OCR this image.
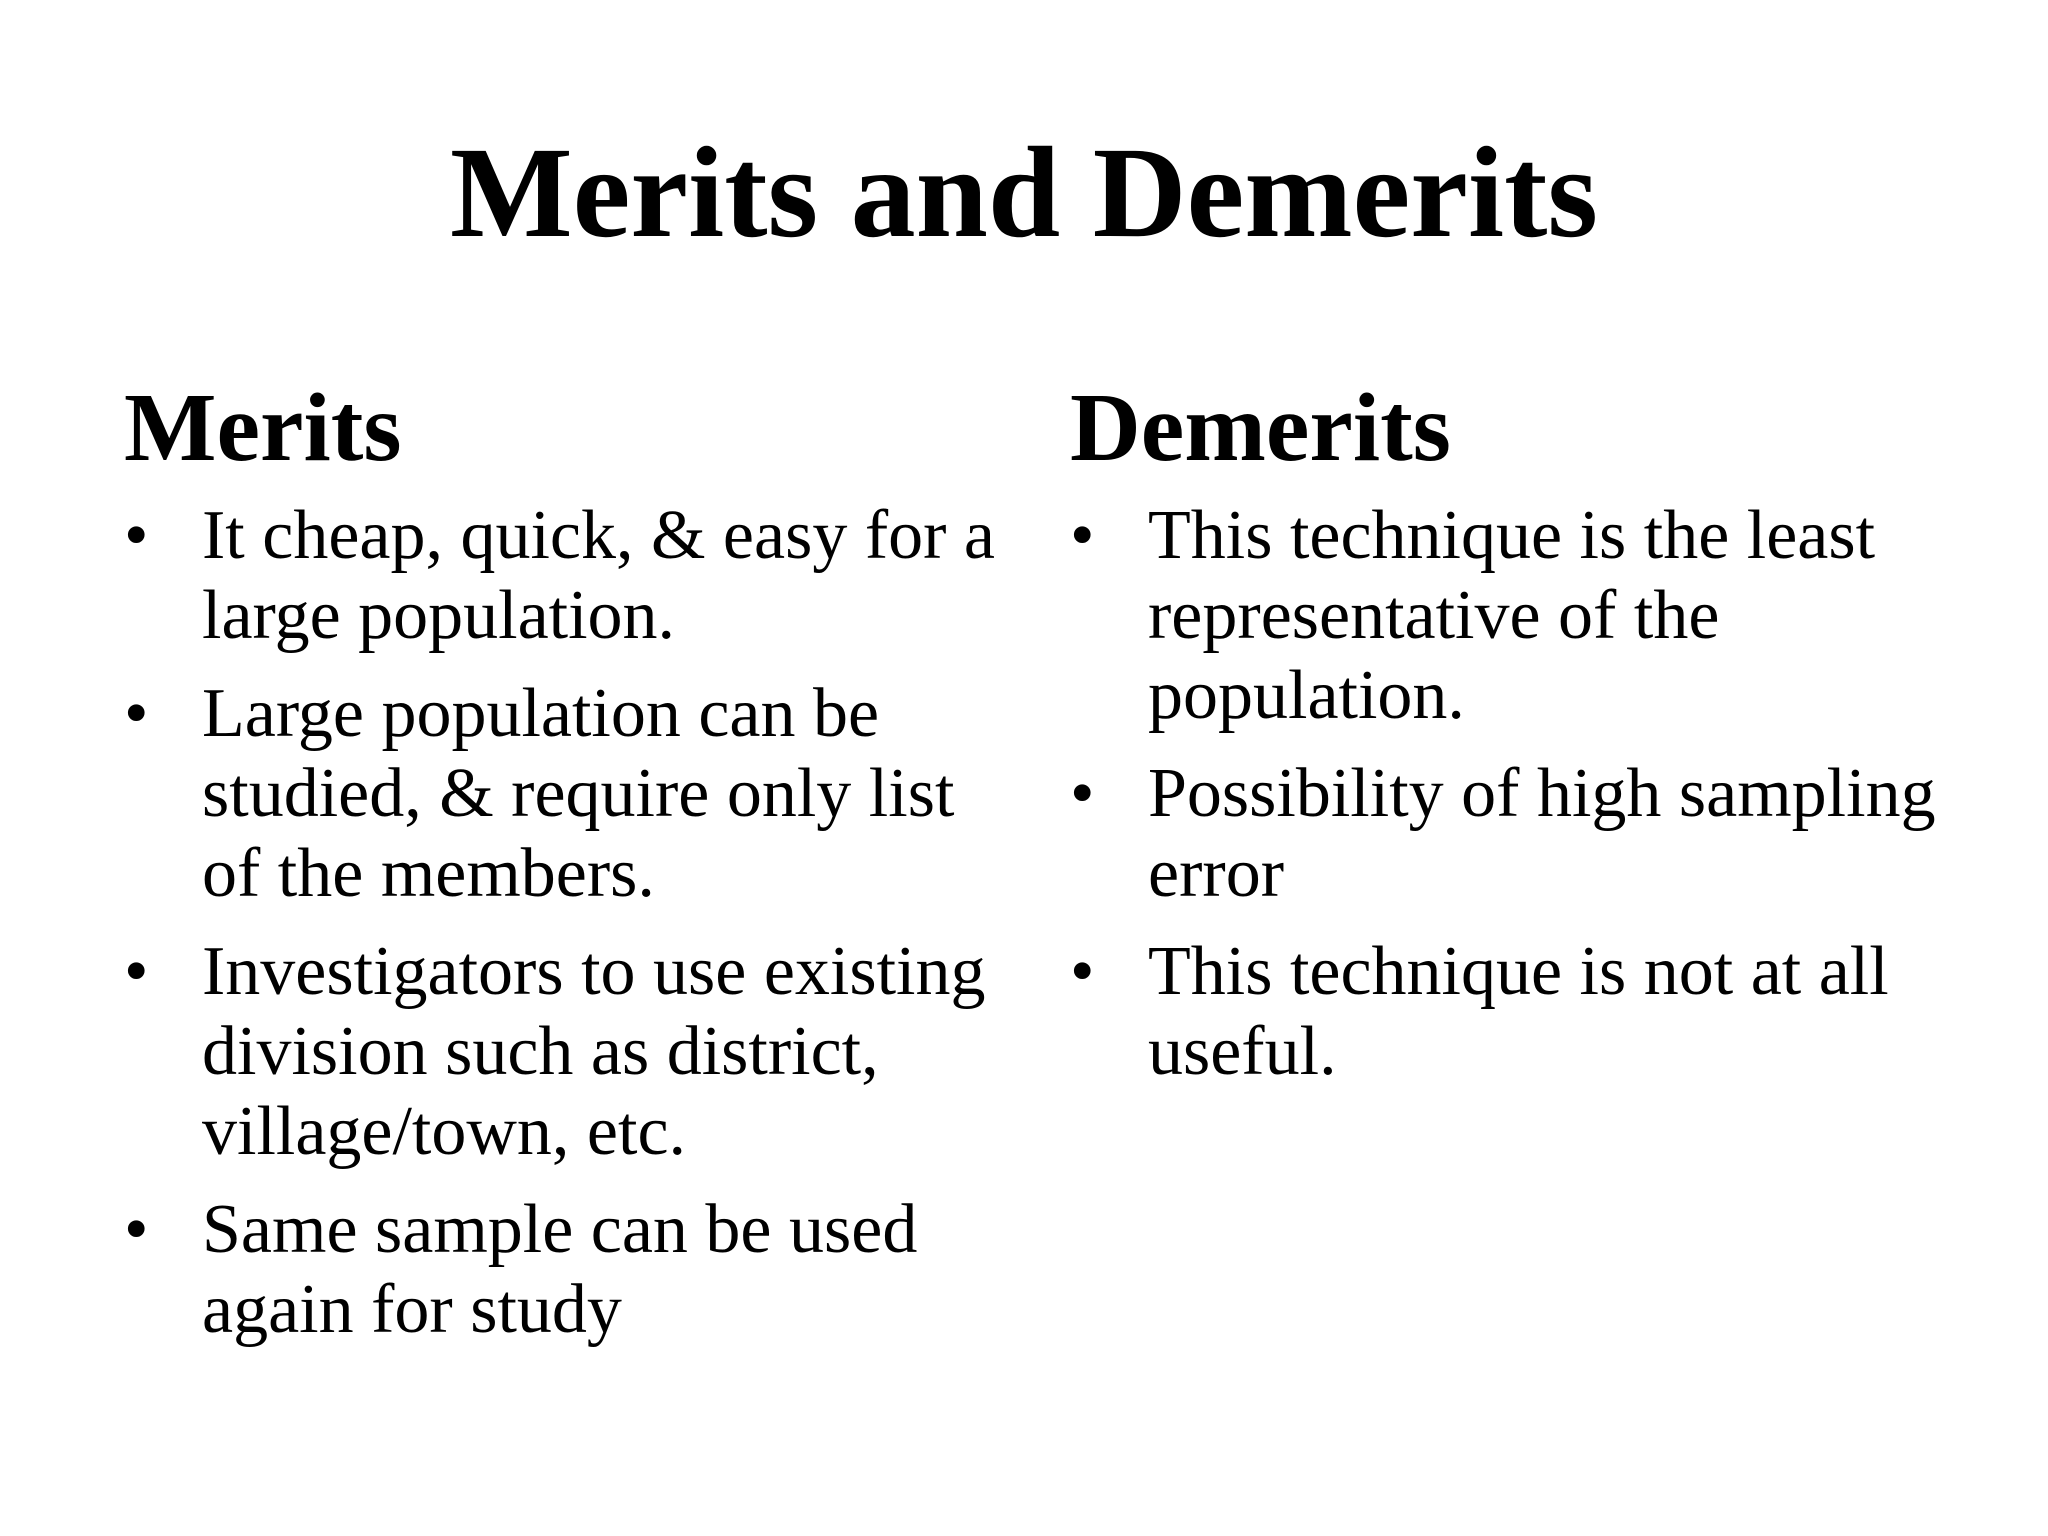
Merits and Demerits
Merits
• It cheap, quick, & easy for a large population.
• Large population can be studied, & require only list of the members.
• Investigators to use existing division such as district, village/town, etc.
• Same sample can be used again for study
Demerits
• This technique is the least representative of the population.
• Possibility of high sampling error
• This technique is not at all useful.
